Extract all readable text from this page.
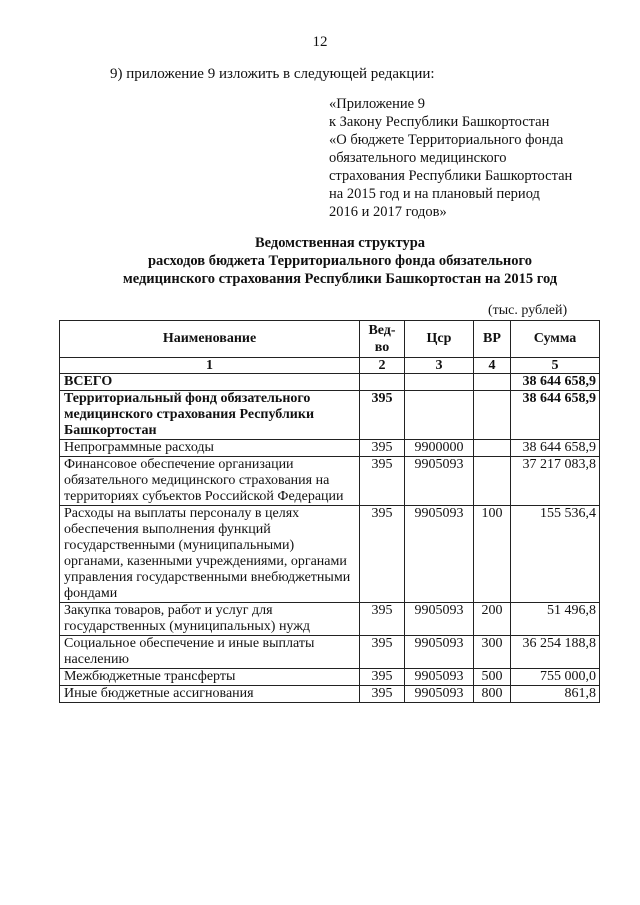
12
9) приложение 9 изложить в следующей редакции:
«Приложение 9
к Закону Республики Башкортостан
«О бюджете Территориального фонда
обязательного медицинского
страхования Республики Башкортостан
на 2015 год и на плановый период
2016 и 2017 годов»
Ведомственная структура
расходов бюджета Территориального фонда обязательного
медицинского страхования Республики Башкортостан на 2015 год
(тыс. рублей)
Наименование	Вед-во	Цср	ВР	Сумма
1	2	3	4	5
ВСЕГО				38 644 658,9
Территориальный фонд обязательного медицинского страхования Республики Башкортостан	395			38 644 658,9
Непрограммные расходы	395	9900000		38 644 658,9
Финансовое обеспечение организации обязательного медицинского страхования на территориях субъектов Российской Федерации	395	9905093		37 217 083,8
Расходы на выплаты персоналу в целях обеспечения выполнения функций государственными (муниципальными) органами, казенными учреждениями, органами управления государственными внебюджетными фондами	395	9905093	100	155 536,4
Закупка товаров, работ и услуг для государственных (муниципальных) нужд	395	9905093	200	51 496,8
Социальное обеспечение и иные выплаты населению	395	9905093	300	36 254 188,8
Межбюджетные трансферты	395	9905093	500	755 000,0
Иные бюджетные ассигнования	395	9905093	800	861,8
